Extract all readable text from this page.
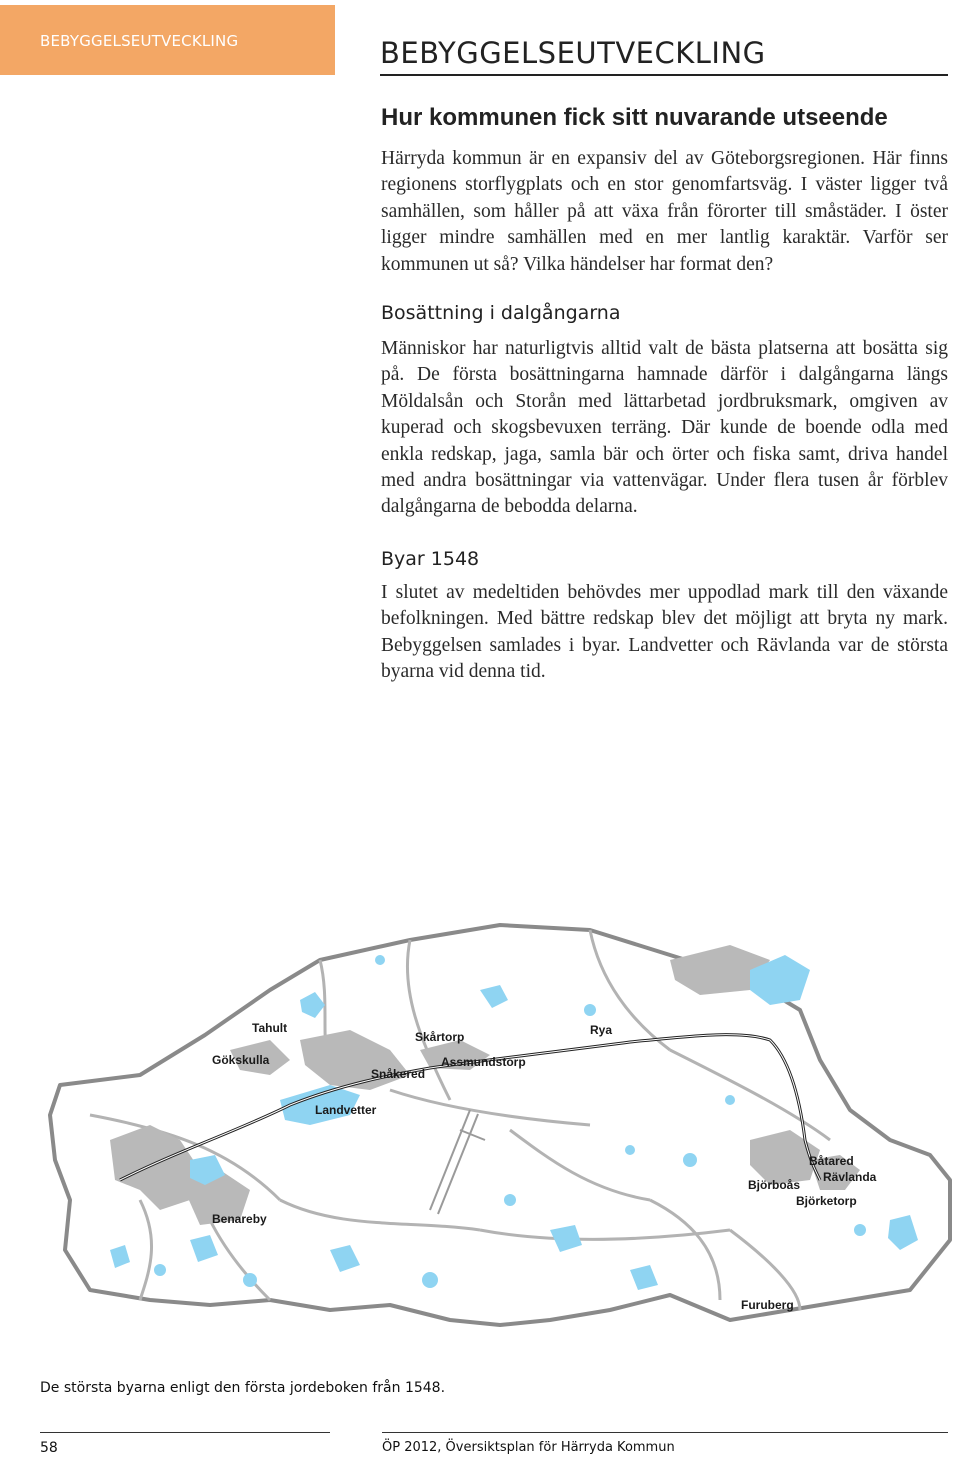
BEBYGGELSEUTVECKLING	BEBYGGELSEUTVECKLING
Hur kommunen fick sitt nuvarande utseende

Härryda kommun är en expansiv del av Göteborgsregionen. Här finns regionens storflygplats och en stor genomfartsväg. I väster ligger två samhällen, som håller på att växa från förorter till småstäder. I öster ligger mindre samhällen med en mer lantlig karaktär. Varför ser kommunen ut så? Vilka händelser har format den?

Bosättning i dalgångarna

Människor har naturligtvis alltid valt de bästa platserna att bosätta sig på. De första bosättningarna hamnade därför i dalgångarna längs Möldalsån och Storån med lättarbetad jordbruksmark, omgiven av kuperad och skogsbevuxen terräng. Där kunde de boende odla med enkla redskap, jaga, samla bär och örter och fiska samt, driva handel med andra bosättningar via vattenvägar. Under flera tusen år förblev dalgångarna de bebodda delarna.

Byar 1548

I slutet av medeltiden behövdes mer uppodlad mark till den växande befolkningen. Med bättre redskap blev det möjligt att bryta ny mark. Bebyggelsen samlades i byar. Landvetter och Rävlanda var de största byarna vid denna tid.

Tahult
Skårtorp	Rya
Gökskulla	Assmundstorp
Snåkered
Landvetter
Båtared
Rävlanda
Björboås
Björketorp
Benareby
Furuberg
De största byarna enligt den första jordeboken från 1548.
58	ÖP 2012, Översiktsplan för Härryda Kommun
